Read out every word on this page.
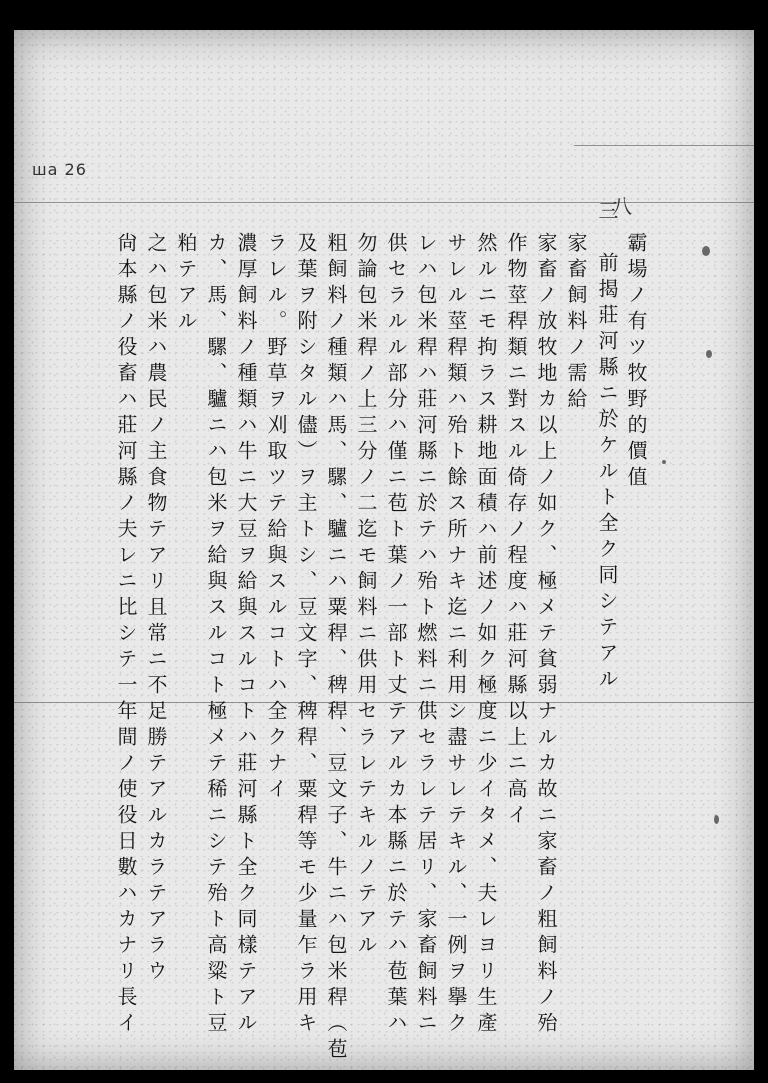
ша 26
八
霸場ノ有ツ牧野的價值
三　前揭莊河縣ニ於ケルト全ク同シテアル
家畜飼料ノ需給
家畜ノ放牧地カ以上ノ如ク、極メテ貧弱ナルカ故ニ家畜ノ粗飼料ノ殆
作物莖稈類ニ對スル倚存ノ程度ハ莊河縣以上ニ高イ
然ルニモ拘ラス耕地面積ハ前述ノ如ク極度ニ少イタメ、夫レヨリ生產
サレル莖稈類ハ殆ト餘ス所ナキ迄ニ利用シ盡サレテキル、一例ヲ擧ク
レハ包米稈ハ莊河縣ニ於テハ殆ト燃料ニ供セラレテ居リ、家畜飼料ニ
供セラルル部分ハ僅ニ苞ト葉ノ一部ト丈テアルカ本縣ニ於テハ苞葉ハ
勿論包米稈ノ上三分ノ二迄モ飼料ニ供用セラレテキルノテアル
粗飼料ノ種類ハ馬、騾、驢ニハ粟稈、稗稈、豆文子、牛ニハ包米稈（苞
及葉ヲ附シタル儘）ヲ主トシ、豆文字、稗稈、粟稈等モ少量乍ラ用キ
ラレル。野草ヲ刈取ツテ給與スルコトハ全クナイ
濃厚飼料ノ種類ハ牛ニ大豆ヲ給與スルコトハ莊河縣ト全ク同樣テアル
カ、馬、騾、驢ニハ包米ヲ給與スルコト極メテ稀ニシテ殆ト高粱ト豆
粕テアル
之ハ包米ハ農民ノ主食物テアリ且常ニ不足勝テアルカラテアラウ
尙本縣ノ役畜ハ莊河縣ノ夫レニ比シテ一年間ノ使役日數ハカナリ長イ
